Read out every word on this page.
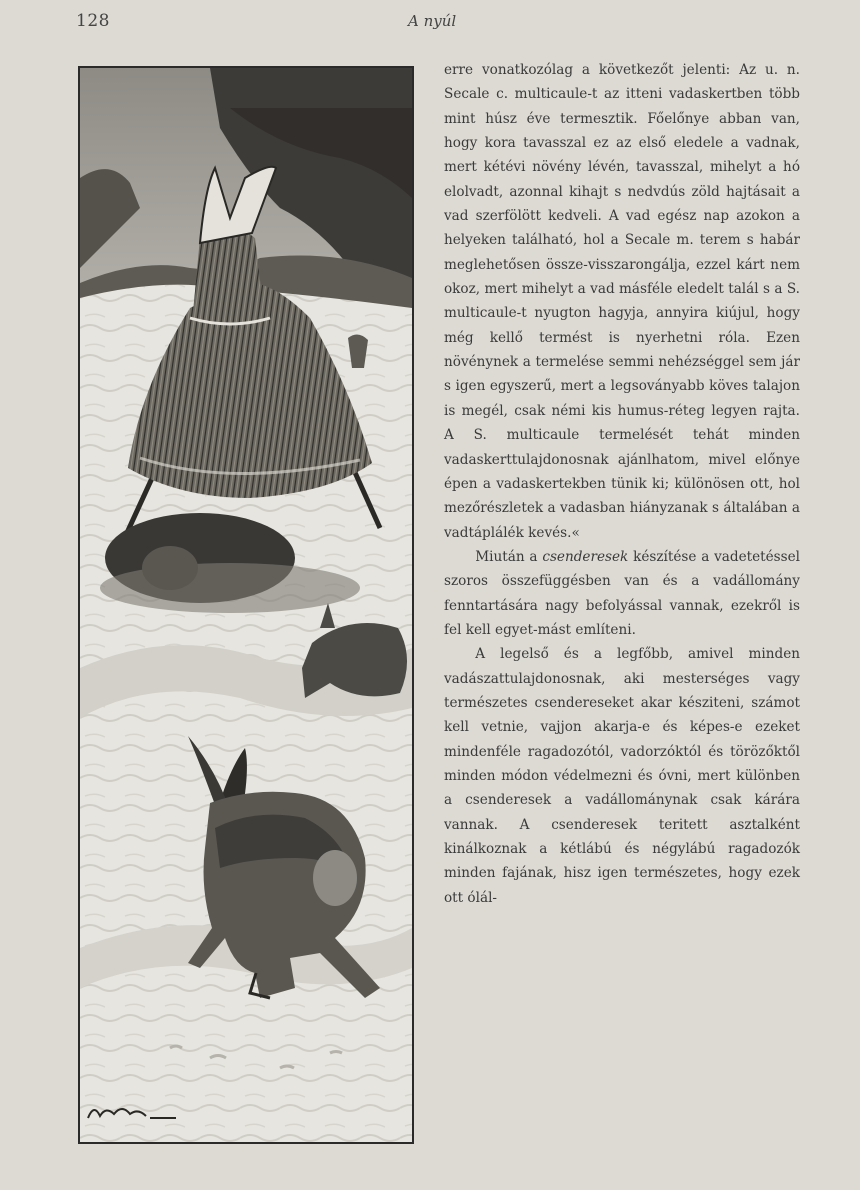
128	A nyúl

erre vonatkozólag a következőt jelenti: Az u. n. Secale c. multicaule-t az itteni vadaskertben több mint húsz éve termesztik. Főelőnye abban van, hogy kora tavasszal ez az első eledele a vadnak, mert kétévi növény lévén, tavasszal, mihelyt a hó elolvadt, azonnal kihajt s nedvdús zöld hajtásait a vad szerfölött kedveli. A vad egész nap azokon a helyeken található, hol a Secale m. terem s habár meglehetősen össze-visszarongálja, ezzel kárt nem okoz, mert mihelyt a vad másféle eledelt talál s a S. multicaule-t nyugton hagyja, annyira kiújul, hogy még kellő termést is nyerhetni róla. Ezen növénynek a termelése semmi nehézséggel sem jár s igen egyszerű, mert a legsoványabb köves talajon is megél, csak némi kis humus-réteg legyen rajta. A S. multicaule termelését tehát minden vadaskerttulajdonosnak ajánlhatom, mivel előnye épen a vadaskertekben tünik ki; különösen ott, hol mezőrészletek a vadasban hiányzanak s általában a vadtáplálék kevés.«

Miután a csenderesek készítése a vadetetéssel szoros összefüggésben van és a vadállomány fenntartására nagy befolyással vannak, ezekről is fel kell egyet-mást említeni.

A legelső és a legfőbb, amivel minden vadászattulajdonosnak, aki mesterséges vagy természetes csendereseket akar késziteni, számot kell vetnie, vajjon akarja-e és képes-e ezeket mindenféle ragadozótól, vadorzóktól és törözőktől minden módon védelmezni és óvni, mert különben a csenderesek a vadállománynak csak kárára vannak. A csenderesek teritett asztalként kinálkoznak a kétlábú és négylábú ragadozók minden fajának, hisz igen természetes, hogy ezek ott ólál-
